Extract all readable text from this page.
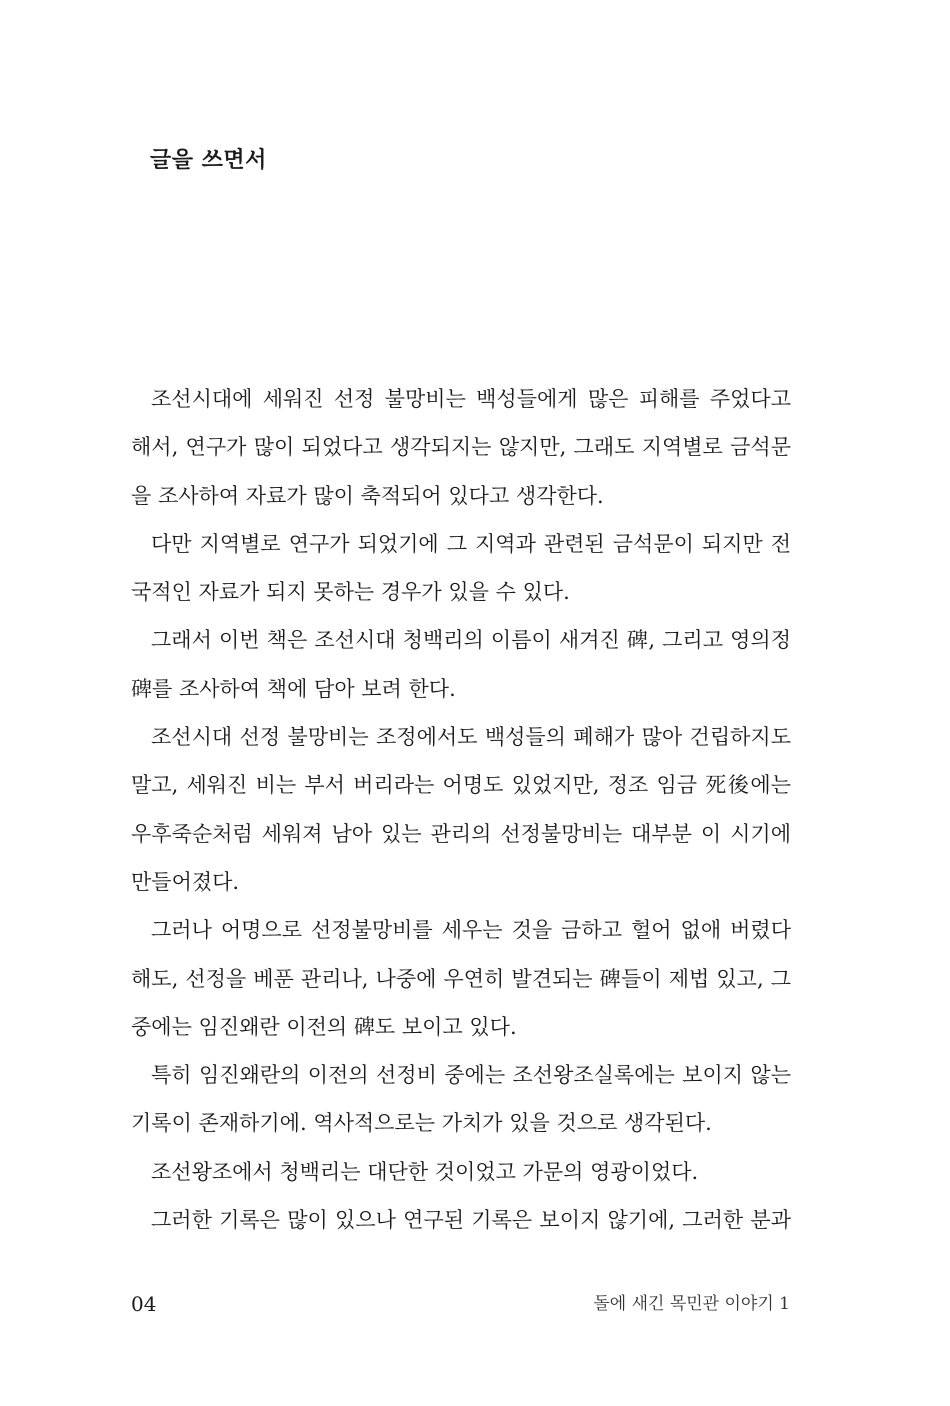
글을 쓰면서
조선시대에 세워진 선정 불망비는 백성들에게 많은 피해를 주었다고
해서, 연구가 많이 되었다고 생각되지는 않지만, 그래도 지역별로 금석문
을 조사하여 자료가 많이 축적되어 있다고 생각한다.
다만 지역별로 연구가 되었기에 그 지역과 관련된 금석문이 되지만 전
국적인 자료가 되지 못하는 경우가 있을 수 있다.
그래서 이번 책은 조선시대 청백리의 이름이 새겨진 碑, 그리고 영의정
碑를 조사하여 책에 담아 보려 한다.
조선시대 선정 불망비는 조정에서도 백성들의 폐해가 많아 건립하지도
말고, 세워진 비는 부서 버리라는 어명도 있었지만, 정조 임금 死後에는
우후죽순처럼 세워져 남아 있는 관리의 선정불망비는 대부분 이 시기에
만들어졌다.
그러나 어명으로 선정불망비를 세우는 것을 금하고 헐어 없애 버렸다
해도, 선정을 베푼 관리나, 나중에 우연히 발견되는 碑들이 제법 있고, 그
중에는 임진왜란 이전의 碑도 보이고 있다.
특히 임진왜란의 이전의 선정비 중에는 조선왕조실록에는 보이지 않는
기록이 존재하기에. 역사적으로는 가치가 있을 것으로 생각된다.
조선왕조에서 청백리는 대단한 것이었고 가문의 영광이었다.
그러한 기록은 많이 있으나 연구된 기록은 보이지 않기에, 그러한 분과
04	돌에 새긴 목민관 이야기 1
